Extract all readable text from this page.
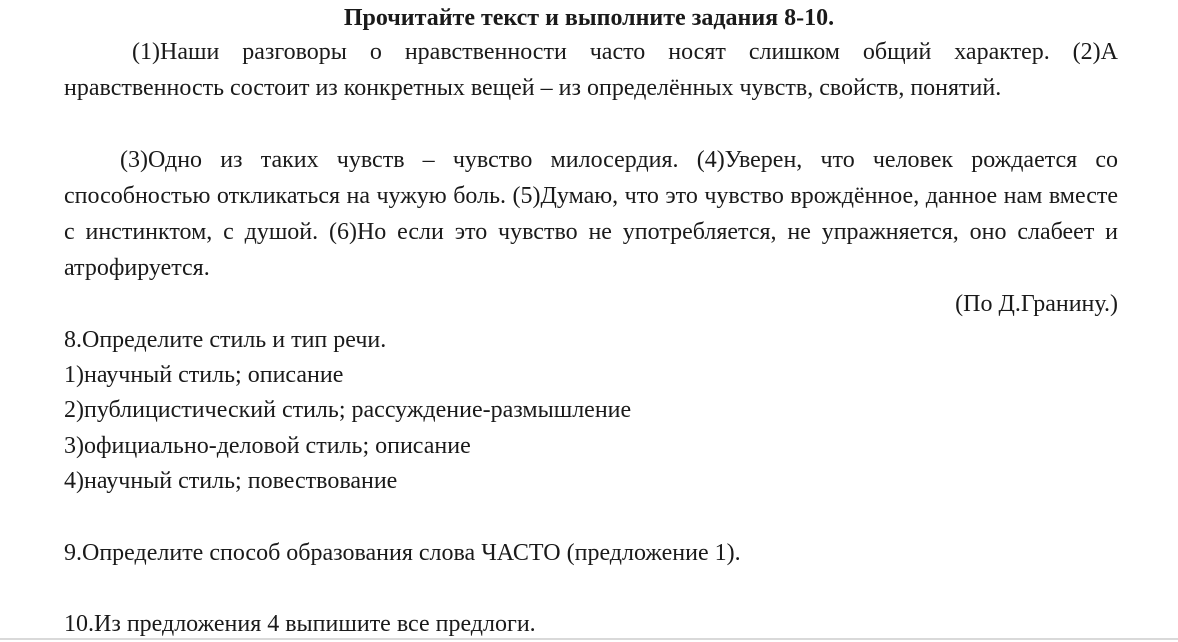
Прочитайте текст и выполните задания 8-10.
(1)Наши разговоры о нравственности часто носят слишком общий характер. (2)А нравственность состоит из конкретных вещей – из определённых чувств, свойств, понятий.
(3)Одно из таких чувств – чувство милосердия. (4)Уверен, что человек рождается со способностью откликаться на чужую боль. (5)Думаю, что это чувство врождённое, данное нам вместе с инстинктом, с душой. (6)Но если это чувство не употребляется, не упражняется, оно слабеет и атрофируется.
(По Д.Гранину.)
8.Определите стиль и тип речи.
1)научный стиль; описание
2)публицистический стиль; рассуждение-размышление
3)официально-деловой стиль; описание
4)научный стиль; повествование
9.Определите способ образования слова ЧАСТО (предложение 1).
10.Из предложения 4 выпишите все предлоги.
